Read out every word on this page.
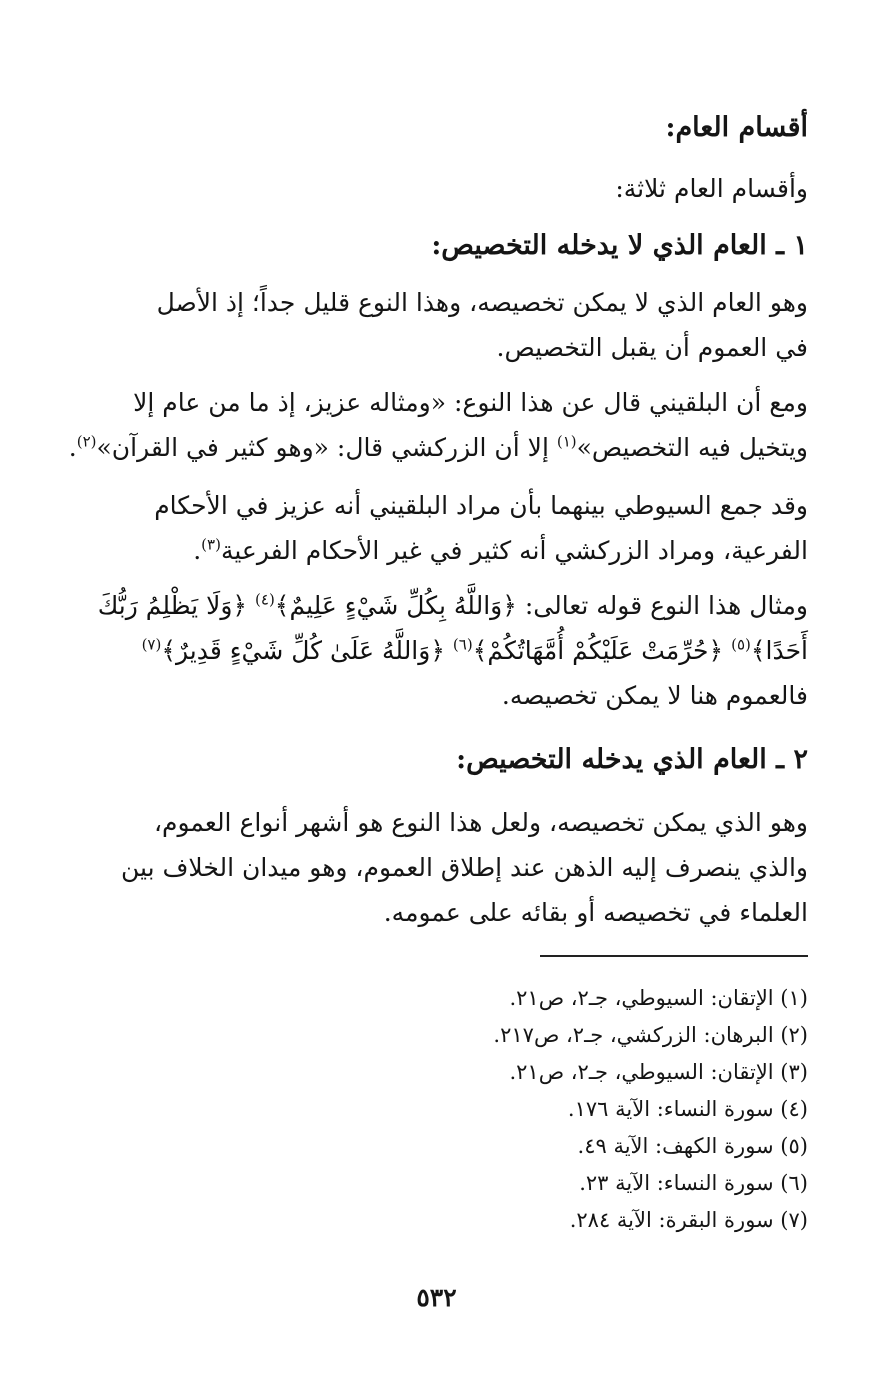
أقسام العام:
وأقسام العام ثلاثة:
١ ـ العام الذي لا يدخله التخصيص:
وهو العام الذي لا يمكن تخصيصه، وهذا النوع قليل جداً؛ إذ الأصل
في العموم أن يقبل التخصيص.
ومع أن البلقيني قال عن هذا النوع: «ومثاله عزيز، إذ ما من عام إلا
ويتخيل فيه التخصيص»$^{(١)}$ إلا أن الزركشي قال: «وهو كثير في القرآن»$^{(٢)}$.
وقد جمع السيوطي بينهما بأن مراد البلقيني أنه عزيز في الأحكام
الفرعية، ومراد الزركشي أنه كثير في غير الأحكام الفرعية$^{(٣)}$.
ومثال هذا النوع قوله تعالى: ﴿وَاللَّهُ بِكُلِّ شَيْءٍ عَلِيمٌ﴾$^{(٤)}$ ﴿وَلَا يَظْلِمُ رَبُّكَ
أَحَدًا﴾$^{(٥)}$ ﴿حُرِّمَتْ عَلَيْكُمْ أُمَّهَاتُكُمْ﴾$^{(٦)}$ ﴿وَاللَّهُ عَلَىٰ كُلِّ شَيْءٍ قَدِيرٌ﴾$^{(٧)}$
فالعموم هنا لا يمكن تخصيصه.
٢ ـ العام الذي يدخله التخصيص:
وهو الذي يمكن تخصيصه، ولعل هذا النوع هو أشهر أنواع العموم،
والذي ينصرف إليه الذهن عند إطلاق العموم، وهو ميدان الخلاف بين
العلماء في تخصيصه أو بقائه على عمومه.
(١) الإتقان: السيوطي، جـ٢، ص٢١.
(٢) البرهان: الزركشي، جـ٢، ص٢١٧.
(٣) الإتقان: السيوطي، جـ٢، ص٢١.
(٤) سورة النساء: الآية ١٧٦.
(٥) سورة الكهف: الآية ٤٩.
(٦) سورة النساء: الآية ٢٣.
(٧) سورة البقرة: الآية ٢٨٤.
٥٣٢
